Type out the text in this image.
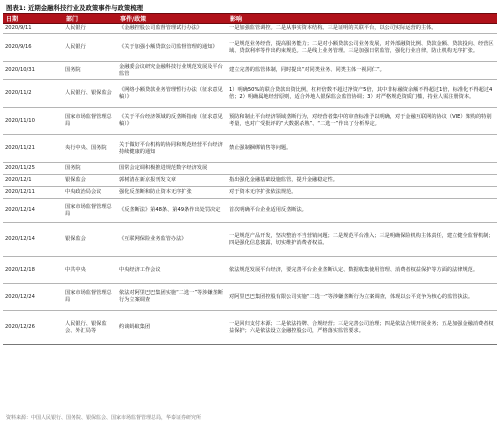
图表1: 近期金融科技行业及政策事件与政策梳理
日期	部门	事件/政策	影响
2020/9/11	人民银行	《金融控股公司监督管理试行办法》	一是加强监管调控。二是从事实资本结构。三是证明的关联平台，以公司实际运营的主体。
2020/9/16	人民银行	《关于加强小额贷款公司监督管理的通知》	一是规范业务经营，提高服务能力；二是对小额贷款公司业务发展，对外部融资比例、贷款金额、贷款投向、经营区域、贷款利率等作出约束规范。二是线上业务管理。三是加强日常监管，强化行业自律，防止机构无序扩张。
2020/10/31	国务院	金融委会议研究金融科技行业规范发展及平台监管	建立完善的监管体制，同时提出“对同类业务、同类主体一视同仁”。
2020/11/2	人民银行、银保监会	《网络小额贷款业务管理暂行办法（征求意见稿）》	1）明确50%的联合贷款出资比例，杠杆倍数不超过净资产5倍，其中非标融资余额不得超过1倍，标准化不得超过4倍；2）明确属地经营原则，适合外地人银保监会监管协调；3）对严格规范资质门槛，持业人需注册资本。
2020/11/10	国家市场监督管理总局	《关于平台经济领域的反垄断指南（征求意见稿）》	预防和制止平台经济领域垄断行为，对经营者集中的审查标准予以明确，对于金融互联网的协议（VIE）架构的特别考量，也对广受批评的“大数据杀熟”、“二选一”作出了分析界定。
2020/11/21	央行中央、国务院	关于做好平台机构的协同和规范经营平台经济持续健康的通知	禁止强制捆绑销售等问题。
2020/11/25	国务院	国常会定调积极推进规范数字经济发展	
2020/12/1	银保监会	郭树清在新京报刊发文章	指出强化金融基础设施监管，提升金融稳定性。
2020/12/11	中央政治局会议	强化反垄断和防止资本无序扩张	对于资本无序扩张依法规范。
2020/12/14	国家市场监督管理总局	《反垄断法》第48条、第49条作出处罚决定	首次明确平台企业适用反垄断法。
2020/12/14	银保监会	《互联网保险业务监管办法》	一是规范产品开发，坚决整治不当营销问题；二是规范平台准入；三是明确保险机构主体责任，建立健全监督机制；四是强化信息披露，切实维护消费者权益。
2020/12/18	中共中央	中央经济工作会议	依法规范发展平台经济，要完善平台企业垄断认定、数据收集使用管理、消费者权益保护等方面的法律规范。
2020/12/24	国家市场监督管理总局	依法对阿里巴巴集团实施“二选一”等涉嫌垄断行为立案调查	对阿里巴巴集团控股有限公司实施“二选一”等涉嫌垄断行为立案调查，体现以公平竞争为核心的监管执法。
2020/12/26	人民银行、银保监会、外汇局等	约谈蚂蚁集团	一是回归支付本源；二是依法持牌、合规经营；三是完善公司治理；四是依法合规开展业务；五是加强金融消费者权益保护；六是依法设立金融控股公司，严格落实监管要求。
资料来源：中国人民银行、国务院、银保监会、国家市场监督管理总局，华泰证券研究所
